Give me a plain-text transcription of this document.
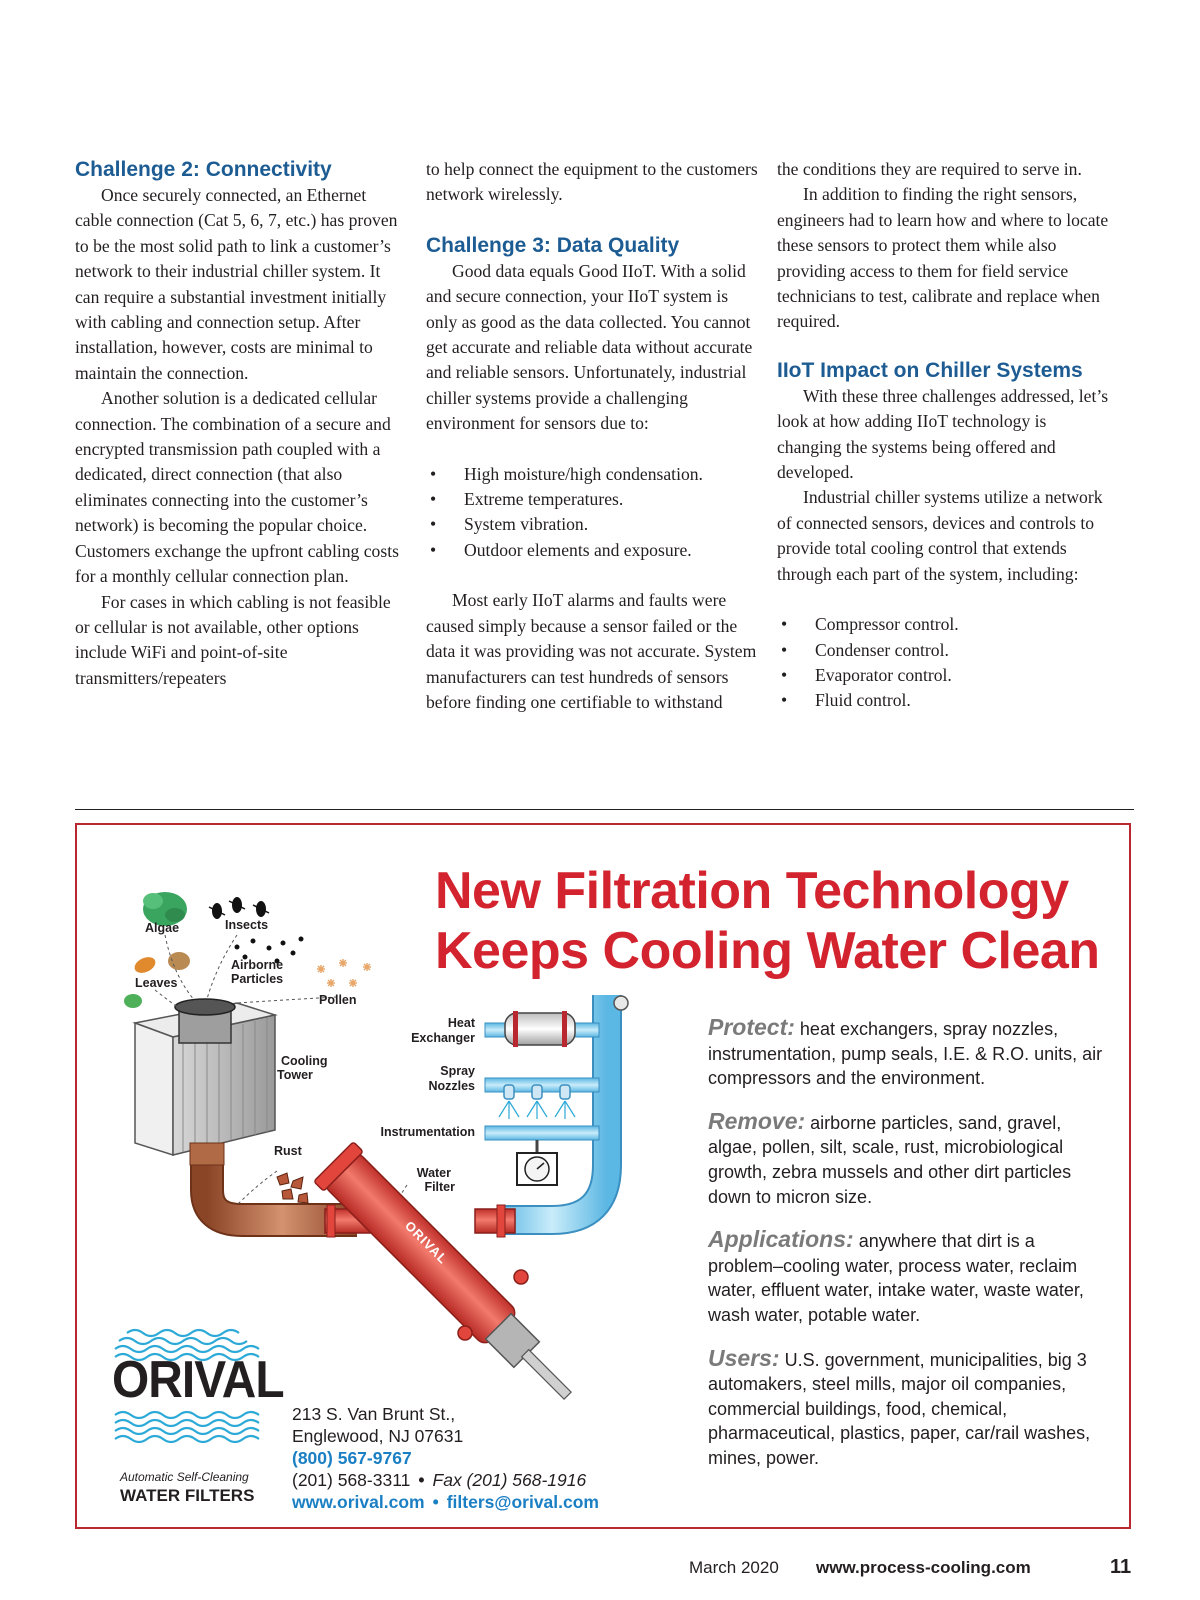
Challenge 2: Connectivity

Once securely connected, an Ethernet cable connection (Cat 5, 6, 7, etc.) has proven to be the most solid path to link a customer’s network to their industrial chiller system. It can require a substantial investment initially with cabling and connection setup. After installation, however, costs are minimal to maintain the connection.

Another solution is a dedicated cellular connection. The combination of a secure and encrypted transmission path coupled with a dedicated, direct connection (that also eliminates connecting into the customer’s network) is becoming the popular choice. Customers exchange the upfront cabling costs for a monthly cellular connection plan.

For cases in which cabling is not feasible or cellular is not available, other options include WiFi and point-of-site transmitters/repeaters

to help connect the equipment to the customers network wirelessly.

Challenge 3: Data Quality

Good data equals Good IIoT. With a solid and secure connection, your IIoT system is only as good as the data collected. You cannot get accurate and reliable data without accurate and reliable sensors. Unfortunately, industrial chiller systems provide a challenging environment for sensors due to:

• High moisture/high condensation.
• Extreme temperatures.
• System vibration.
• Outdoor elements and exposure.

Most early IIoT alarms and faults were caused simply because a sensor failed or the data it was providing was not accurate. System manufacturers can test hundreds of sensors before finding one certifiable to withstand

the conditions they are required to serve in.

In addition to finding the right sensors, engineers had to learn how and where to locate these sensors to protect them while also providing access to them for field service technicians to test, calibrate and replace when required.

IIoT Impact on Chiller Systems

With these three challenges addressed, let’s look at how adding IIoT technology is changing the systems being offered and developed.

Industrial chiller systems utilize a network of connected sensors, devices and controls to provide total cooling control that extends through each part of the system, including:

• Compressor control.
• Condenser control.
• Evaporator control.
• Fluid control.
ORIVAL
Algae	Insects
Leaves
Airborne
Particles
Pollen
Cooling
Tower
Heat
Exchanger
Spray
Nozzles
Instrumentation
Rust
Water
Filter
New Filtration Technology
Keeps Cooling Water Clean

Protect: heat exchangers, spray nozzles, instrumentation, pump seals, I.E. & R.O. units, air compressors and the environment.

Remove: airborne particles, sand, gravel, algae, pollen, silt, scale, rust, microbiological growth, zebra mussels and other dirt particles down to micron size.

Applications: anywhere that dirt is a problem–cooling water, process water, reclaim water, effluent water, intake water, waste water, wash water, potable water.

Users: U.S. government, municipalities, big 3 automakers, steel mills, major oil companies, commercial buildings, food, chemical, pharmaceutical, plastics, paper, car/rail washes, mines, power.

ORIVAL
Automatic Self-Cleaning
WATER FILTERS
213 S. Van Brunt St.,
Englewood, NJ 07631
(800) 567-9767
(201) 568-3311 • Fax (201) 568-1916
www.orival.com • filters@orival.com
March 2020 www.process-cooling.com	11
